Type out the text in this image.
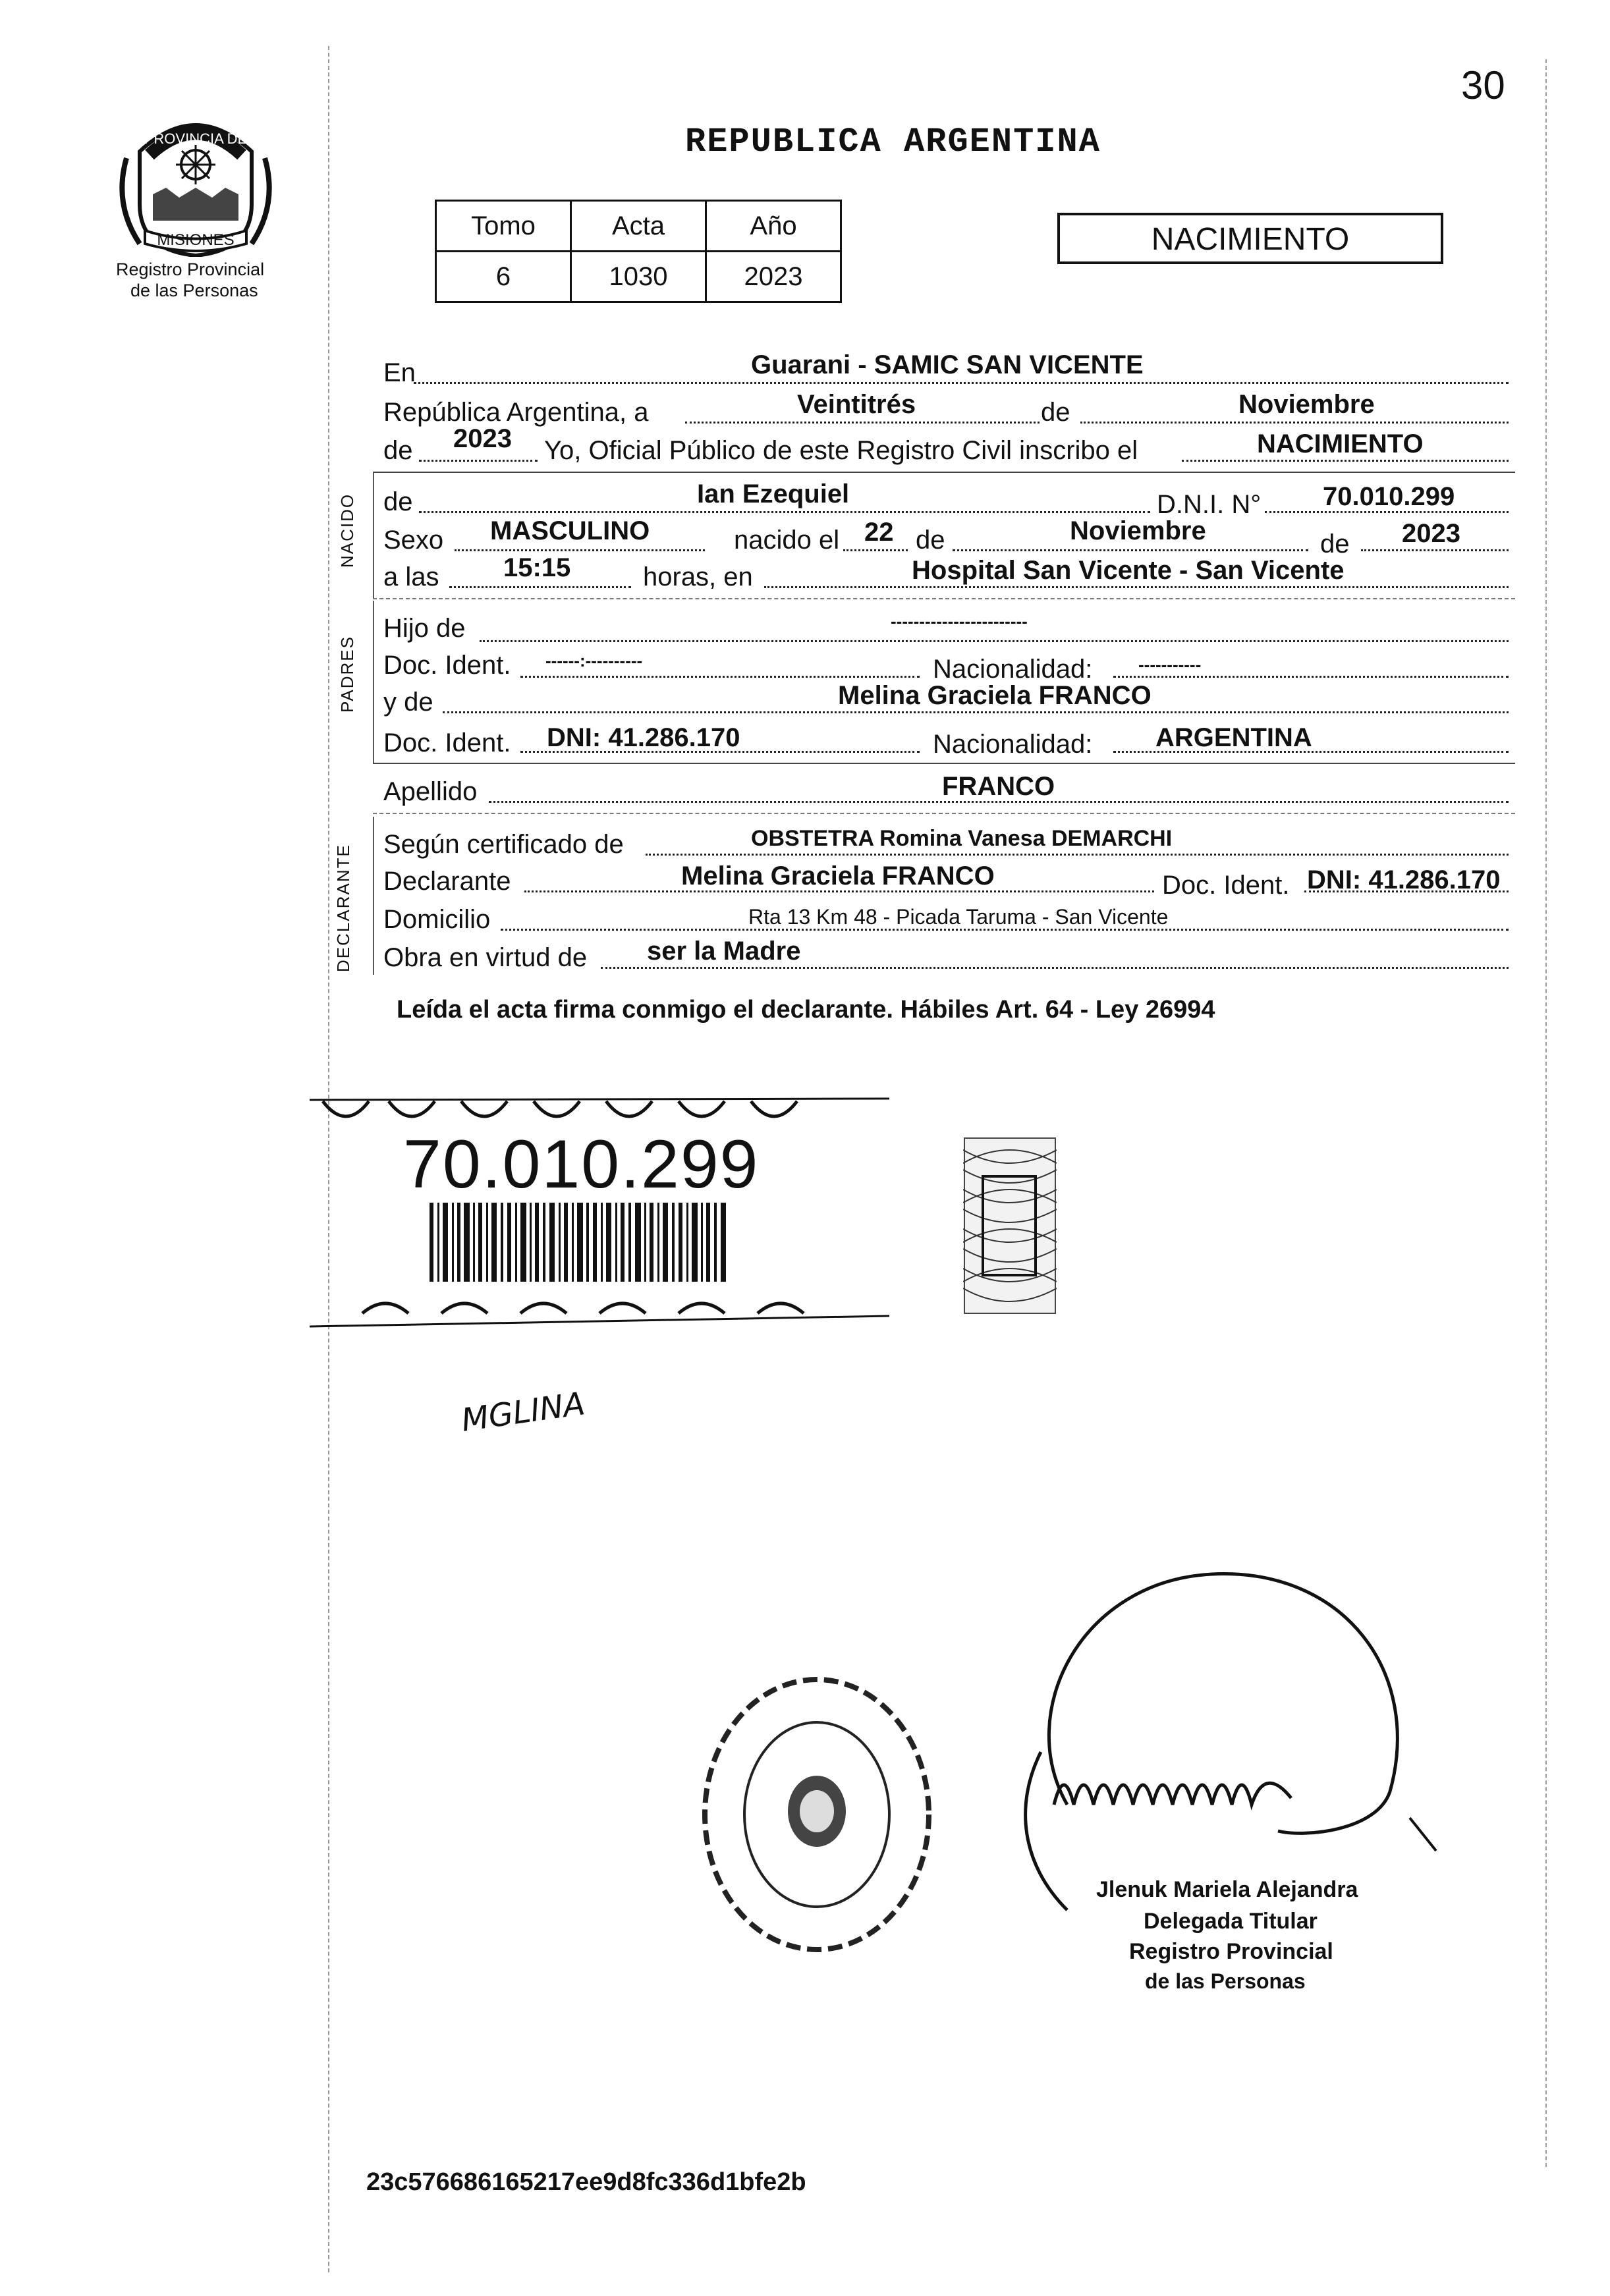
30
PROVINCIA DE
MISIONES
Registro Provincial
de las Personas
REPUBLICA ARGENTINA
Tomo	Acta	Año
6	1030	2023
NACIMIENTO
En	Guarani - SAMIC SAN VICENTE
República Argentina, a	Veintitrés	de	Noviembre
de 2023 Yo, Oficial Público de este Registro Civil inscribo el	NACIMIENTO
NACIDO de	Ian Ezequiel	D.N.I. N° 70.010.299
Sexo MASCULINO	nacido el 22 de	Noviembre	de 2023
a las 15:15	horas, en	Hospital San Vicente - San Vicente
PADRES
Hijo de	------------------------
Doc. Ident. ------:----------	Nacionalidad:	-----------
y de	Melina Graciela FRANCO
Doc. Ident. DNI: 41.286.170	Nacionalidad: ARGENTINA
Apellido	FRANCO
DECLARANTE Según certificado de	OBSTETRA Romina Vanesa DEMARCHI
Declarante	Melina Graciela FRANCO	Doc. Ident. DNI: 41.286.170
Domicilio	Rta 13 Km 48 - Picada Taruma - San Vicente
Obra en virtud de ser la Madre
Leída el acta firma conmigo el declarante. Hábiles Art. 64 - Ley 26994
70.010.299
MGLINA
Jlenuk Mariela Alejandra
Delegada Titular
Registro Provincial
de las Personas
23c576686165217ee9d8fc336d1bfe2b
